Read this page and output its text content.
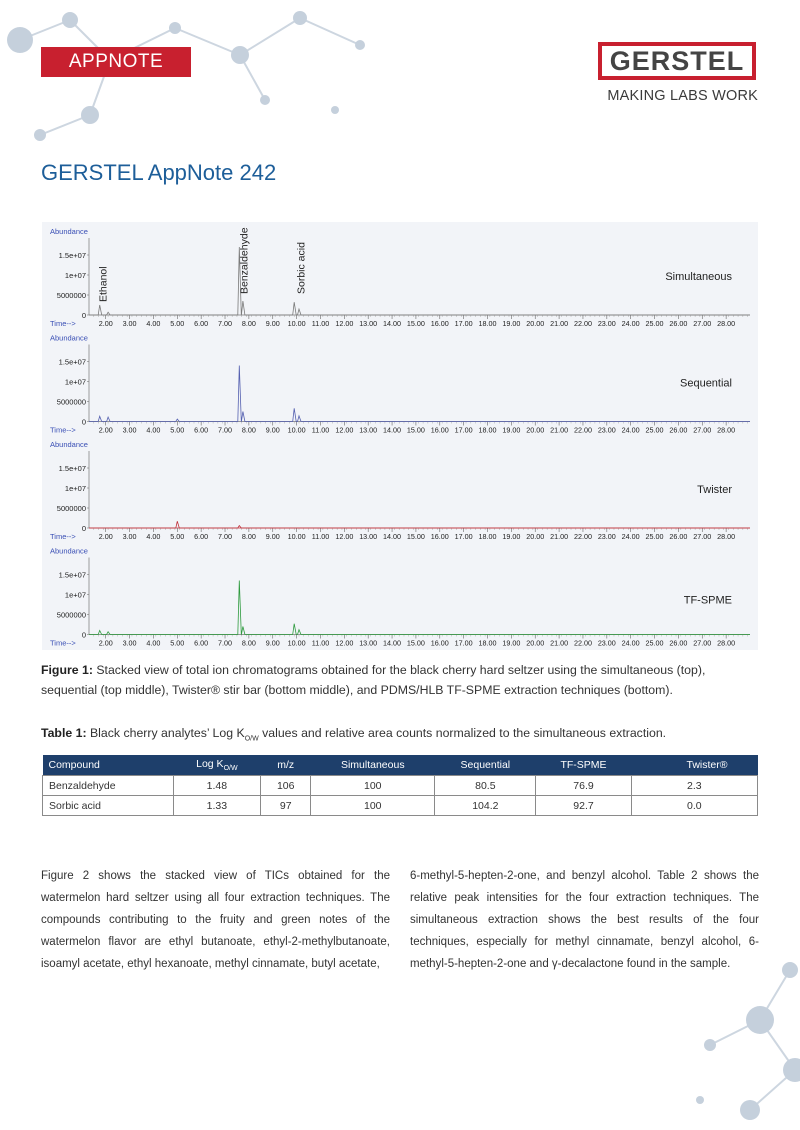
APPNOTE	GERSTEL
MAKING LABS WORK
GERSTEL AppNote 242
Abundance
0
5000000
1e+07
1.5e+07
Time-->	2.00 3.00 4.00 5.00 6.00 7.00 8.00 9.00 10.00 11.00 12.00 13.00 14.00 15.00 16.00 17.00 18.00 19.00 20.00 21.00 22.00 23.00 24.00 25.00 26.00 27.00 28.00
Simultaneous
Abundance
0
5000000
1e+07
1.5e+07
Time-->	2.00 3.00 4.00 5.00 6.00 7.00 8.00 9.00 10.00 11.00 12.00 13.00 14.00 15.00 16.00 17.00 18.00 19.00 20.00 21.00 22.00 23.00 24.00 25.00 26.00 27.00 28.00
Sequential
Abundance
0
5000000
1e+07
1.5e+07
Time-->	2.00 3.00 4.00 5.00 6.00 7.00 8.00 9.00 10.00 11.00 12.00 13.00 14.00 15.00 16.00 17.00 18.00 19.00 20.00 21.00 22.00 23.00 24.00 25.00 26.00 27.00 28.00
Twister
Abundance
0
5000000
1e+07
1.5e+07
Time-->	2.00 3.00 4.00 5.00 6.00 7.00 8.00 9.00 10.00 11.00 12.00 13.00 14.00 15.00 16.00 17.00 18.00 19.00 20.00 21.00 22.00 23.00 24.00 25.00 26.00 27.00 28.00
TF-SPME
Ethanol	Benzaldehyde	Sorbic acid
Figure 1: Stacked view of total ion chromatograms obtained for the black cherry hard seltzer using the simultaneous (top), sequential (top middle), Twister® stir bar (bottom middle), and PDMS/HLB TF-SPME extraction techniques (bottom).
Table 1: Black cherry analytes’ Log $K_{O/W}$ values and relative area counts normalized to the simultaneous extraction.
Compound	Log $K_{O/W}$	m/z	Simultaneous	Sequential	TF-SPME	Twister®
Benzaldehyde	1.48	106	100	80.5	76.9	2.3
Sorbic acid	1.33	97	100	104.2	92.7	0.0
Figure 2 shows the stacked view of TICs obtained for the watermelon hard seltzer using all four extraction techniques. The compounds contributing to the fruity and green notes of the watermelon flavor are ethyl butanoate, ethyl-2-methylbutanoate, isoamyl acetate, ethyl hexanoate, methyl cinnamate, butyl acetate,
6-methyl-5-hepten-2-one, and benzyl alcohol. Table 2 shows the relative peak intensities for the four extraction techniques. The simultaneous extraction shows the best results of the four techniques, especially for methyl cinnamate, benzyl alcohol, 6-methyl-5-hepten-2-one and γ-decalactone found in the sample.
